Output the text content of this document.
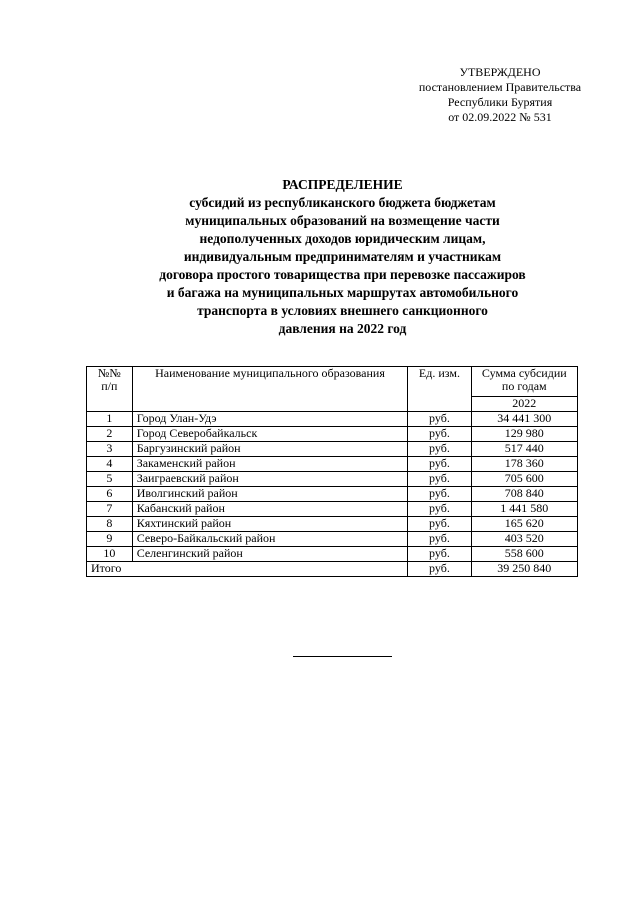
УТВЕРЖДЕНО
постановлением Правительства
Республики Бурятия
от 02.09.2022 № 531
РАСПРЕДЕЛЕНИЕ
субсидий из республиканского бюджета бюджетам
муниципальных образований на возмещение части
недополученных доходов юридическим лицам,
индивидуальным предпринимателям и участникам
договора простого товарищества при перевозке пассажиров
и багажа на муниципальных маршрутах автомобильного
транспорта в условиях внешнего санкционного
давления на 2022 год
№№
п/п	Наименование муниципального образования	Ед. изм.	Сумма субсидии
по годам
			2022
1	Город Улан-Удэ	руб.	34 441 300
2	Город Северобайкальск	руб.	129 980
3	Баргузинский район	руб.	517 440
4	Закаменский район	руб.	178 360
5	Заиграевский район	руб.	705 600
6	Иволгинский район	руб.	708 840
7	Кабанский район	руб.	1 441 580
8	Кяхтинский район	руб.	165 620
9	Северо-Байкальский район	руб.	403 520
10	Селенгинский район	руб.	558 600
Итого		руб.	39 250 840
